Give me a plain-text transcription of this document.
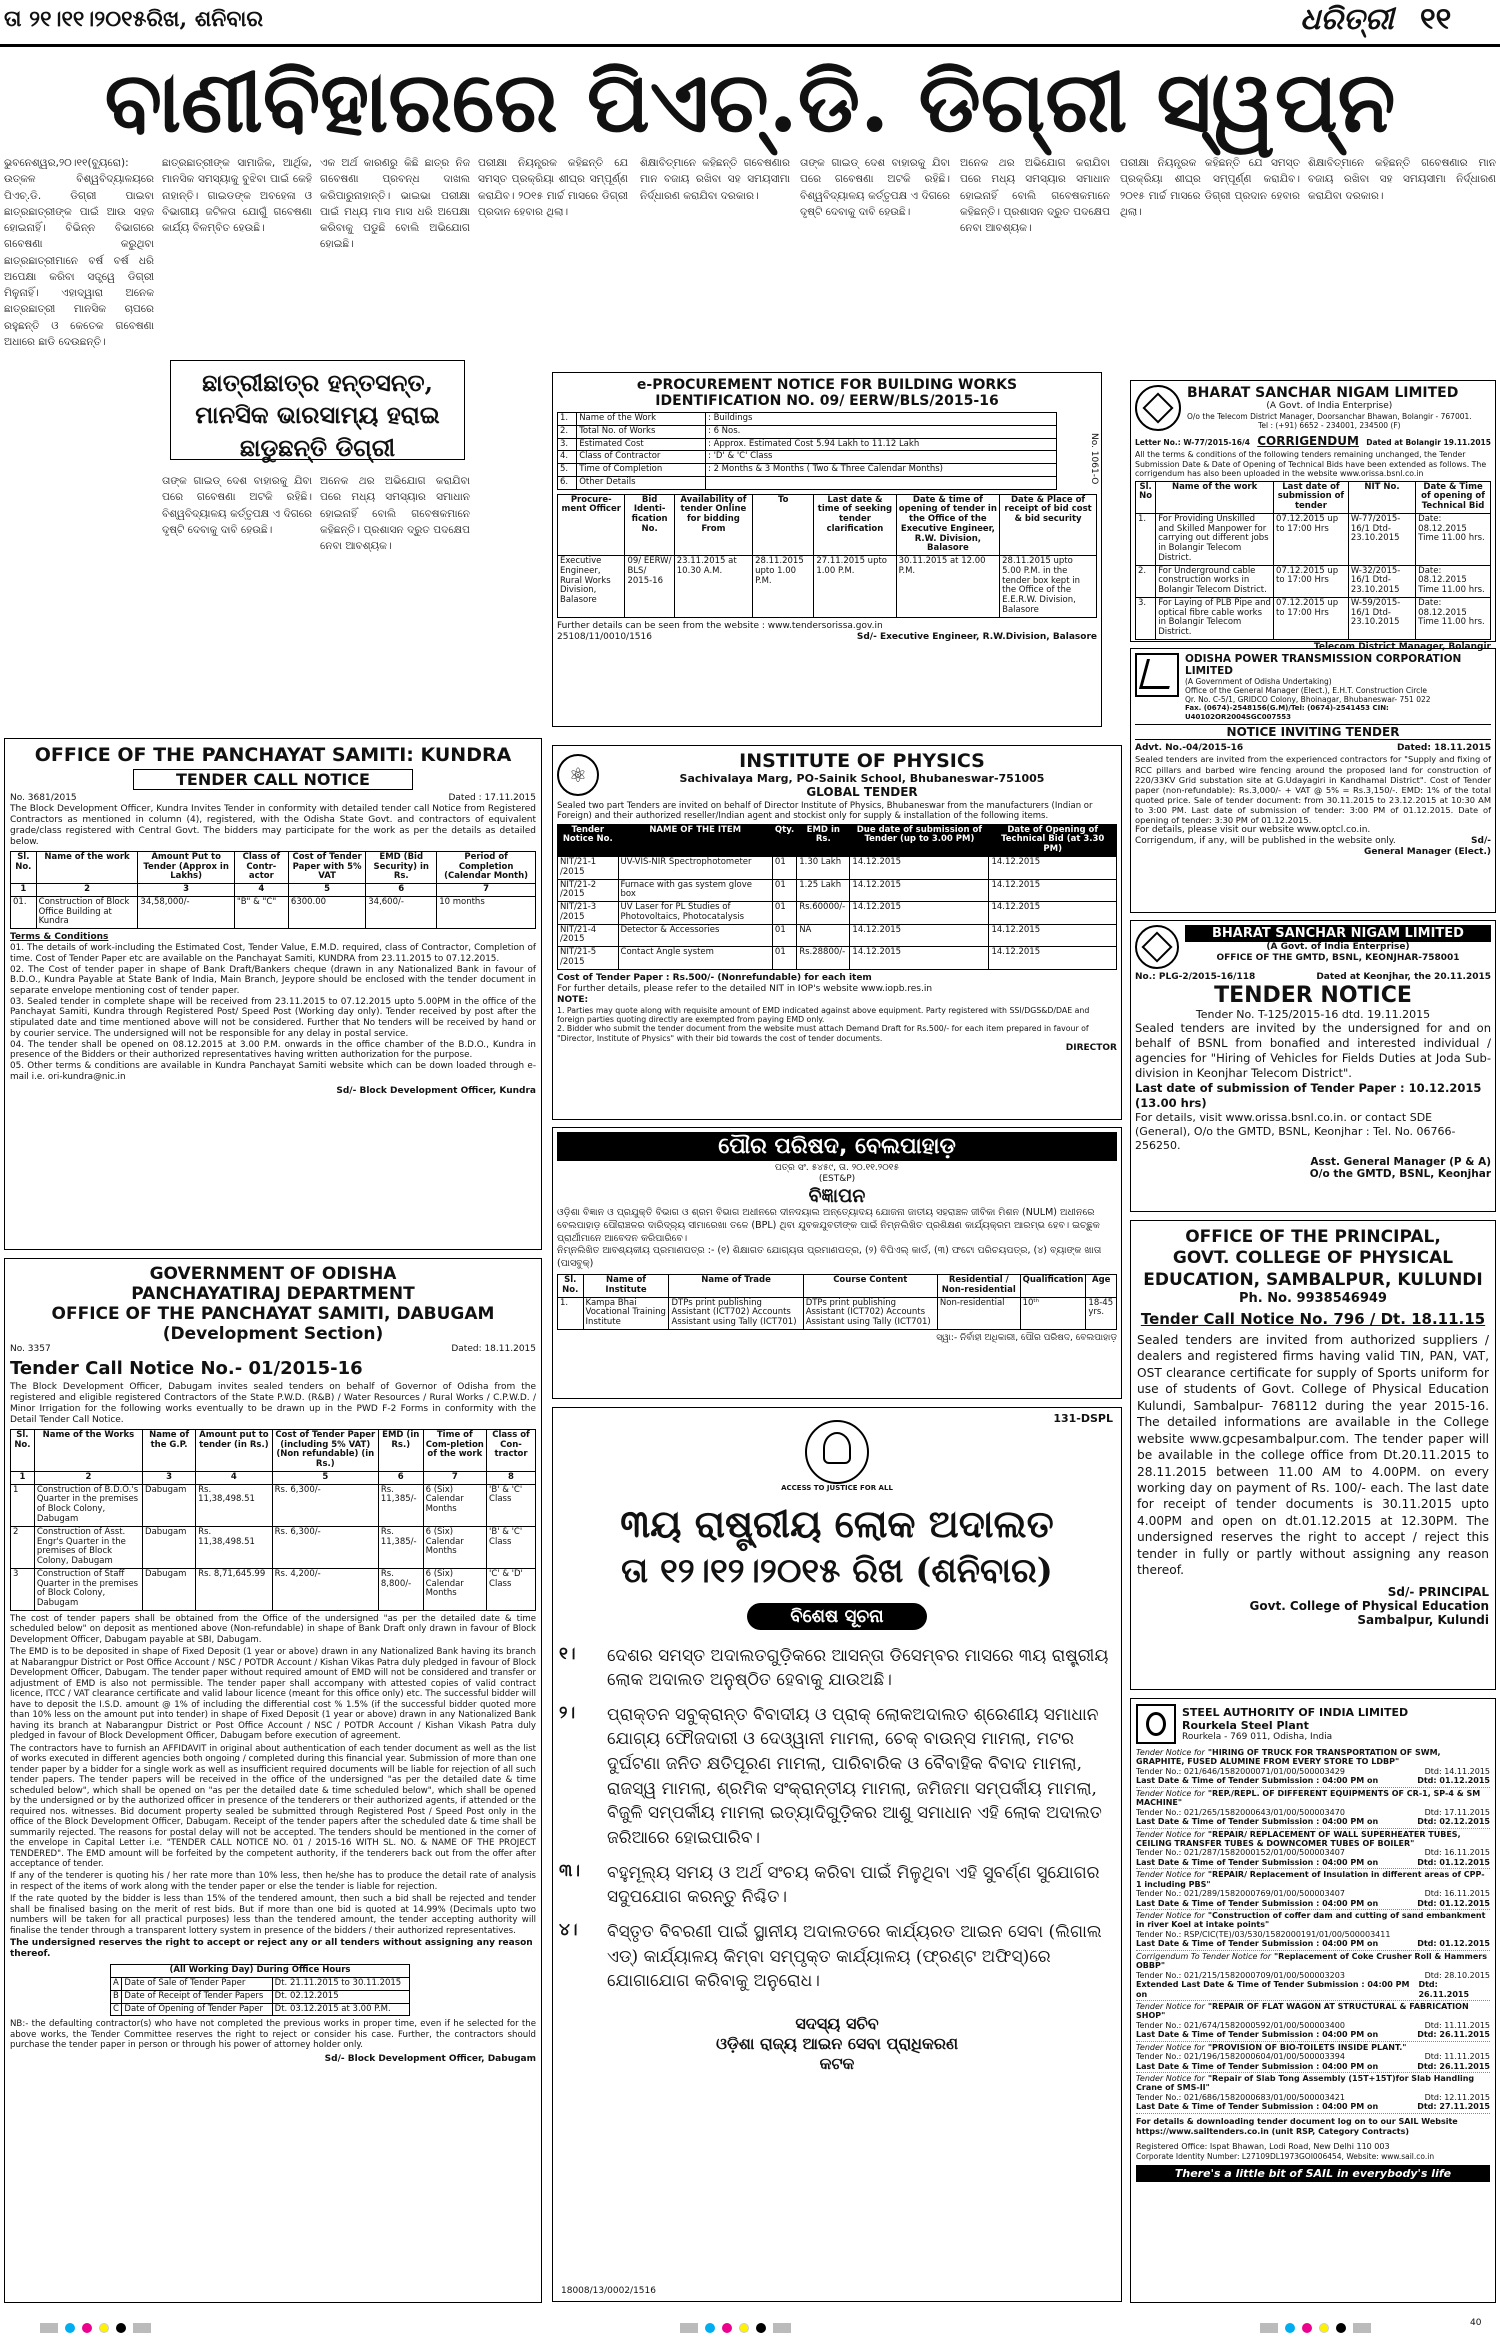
ତା ୨୧।୧୧।୨୦୧୫ରିଖ, ଶନିବାର	ଧରିତ୍ରୀ ୧୧
ବାଣୀବିହାରରେ ପିଏଚ୍.ଡି. ଡିଗ୍ରୀ ସ୍ୱପ୍ନ
ଭୁବନେଶ୍ୱର,୨୦।୧୧(ବ୍ୟୁରୋ): ଉତ୍କଳ ବିଶ୍ୱବିଦ୍ୟାଳୟରେ ପିଏଚ୍.ଡି. ଡିଗ୍ରୀ ପାଇବା ଛାତ୍ରଛାତ୍ରୀଙ୍କ ପାଇଁ ଆଉ ସହଜ ହୋଇନାହିଁ। ବିଭିନ୍ନ ବିଭାଗରେ ଗବେଷଣା କରୁଥିବା ଛାତ୍ରଛାତ୍ରୀମାନେ ବର୍ଷ ବର୍ଷ ଧରି ଅପେକ୍ଷା କରିବା ସତ୍ତ୍ୱେ ଡିଗ୍ରୀ ମିଳୁନାହିଁ। ଏହାଦ୍ୱାରା ଅନେକ ଛାତ୍ରଛାତ୍ରୀ ମାନସିକ ଚାପରେ ରହୁଛନ୍ତି ଓ କେତେକ ଗବେଷଣା ଅଧାରେ ଛାଡି ଦେଉଛନ୍ତି।
ଛାତ୍ରଛାତ୍ରୀଙ୍କ ସାମାଜିକ, ଆର୍ଥିକ, ମାନସିକ ସମସ୍ୟାକୁ ବୁଝିବା ପାଇଁ କେହି ନାହାନ୍ତି। ଗାଇଡଙ୍କ ଅବହେଳା ଓ ବିଭାଗୀୟ ଜଟିଳତା ଯୋଗୁଁ ଗବେଷଣା କାର୍ଯ୍ୟ ବିଳମ୍ବିତ ହେଉଛି।
ଏକ ଅର୍ଥ କାରଣରୁ କିଛି ଛାତ୍ର ନିଜ ଗବେଷଣା ପ୍ରବନ୍ଧ ଦାଖଲ କରିପାରୁନାହାନ୍ତି। ଭାଇଭା ପରୀକ୍ଷା ପାଇଁ ମଧ୍ୟ ମାସ ମାସ ଧରି ଅପେକ୍ଷା କରିବାକୁ ପଡୁଛି ବୋଲି ଅଭିଯୋଗ ହୋଇଛି।
ଛାତ୍ରୀଛାତ୍ର ହନ୍ତସନ୍ତ, ମାନସିକ ଭାରସାମ୍ୟ ହରାଇ ଛାଡୁଛନ୍ତି ଡିଗ୍ରୀ
ତାଙ୍କ ଗାଇଡ୍ ଦେଶ ବାହାରକୁ ଯିବା ପରେ ଗବେଷଣା ଅଟକି ରହିଛି। ବିଶ୍ୱବିଦ୍ୟାଳୟ କର୍ତ୍ତୃପକ୍ଷ ଏ ଦିଗରେ ଦୃଷ୍ଟି ଦେବାକୁ ଦାବି ହେଉଛି।
ଅନେକ ଥର ଅଭିଯୋଗ କରାଯିବା ପରେ ମଧ୍ୟ ସମସ୍ୟାର ସମାଧାନ ହୋଇନାହିଁ ବୋଲି ଗବେଷକମାନେ କହିଛନ୍ତି। ପ୍ରଶାସନ ଦ୍ରୁତ ପଦକ୍ଷେପ ନେବା ଆବଶ୍ୟକ।
ପରୀକ୍ଷା ନିୟନ୍ତ୍ରକ କହିଛନ୍ତି ଯେ ସମସ୍ତ ପ୍ରକ୍ରିୟା ଶୀଘ୍ର ସମ୍ପୂର୍ଣ୍ଣ କରାଯିବ। ୨୦୧୫ ମାର୍ଚ୍ଚ ମାସରେ ଡିଗ୍ରୀ ପ୍ରଦାନ ହେବାର ଥିଲା।
ଶିକ୍ଷାବିତ୍‌ମାନେ କହିଛନ୍ତି ଗବେଷଣାର ମାନ ବଜାୟ ରଖିବା ସହ ସମୟସୀମା ନିର୍ଦ୍ଧାରଣ କରାଯିବା ଦରକାର।
ତାଙ୍କ ଗାଇଡ୍ ଦେଶ ବାହାରକୁ ଯିବା ପରେ ଗବେଷଣା ଅଟକି ରହିଛି। ବିଶ୍ୱବିଦ୍ୟାଳୟ କର୍ତ୍ତୃପକ୍ଷ ଏ ଦିଗରେ ଦୃଷ୍ଟି ଦେବାକୁ ଦାବି ହେଉଛି।
ଅନେକ ଥର ଅଭିଯୋଗ କରାଯିବା ପରେ ମଧ୍ୟ ସମସ୍ୟାର ସମାଧାନ ହୋଇନାହିଁ ବୋଲି ଗବେଷକମାନେ କହିଛନ୍ତି। ପ୍ରଶାସନ ଦ୍ରୁତ ପଦକ୍ଷେପ ନେବା ଆବଶ୍ୟକ।
ପରୀକ୍ଷା ନିୟନ୍ତ୍ରକ କହିଛନ୍ତି ଯେ ସମସ୍ତ ପ୍ରକ୍ରିୟା ଶୀଘ୍ର ସମ୍ପୂର୍ଣ୍ଣ କରାଯିବ। ୨୦୧୫ ମାର୍ଚ୍ଚ ମାସରେ ଡିଗ୍ରୀ ପ୍ରଦାନ ହେବାର ଥିଲା।
ଶିକ୍ଷାବିତ୍‌ମାନେ କହିଛନ୍ତି ଗବେଷଣାର ମାନ ବଜାୟ ରଖିବା ସହ ସମୟସୀମା ନିର୍ଦ୍ଧାରଣ କରାଯିବା ଦରକାର।
e-PROCUREMENT NOTICE FOR BUILDING WORKS
IDENTIFICATION NO. 09/ EERW/BLS/2015-16
No. 1061-O
1.	Name of the Work	: Buildings
2.	Total No. of Works	: 6 Nos.
3.	Estimated Cost	: Approx. Estimated Cost 5.94 Lakh to 11.12 Lakh
4.	Class of Contractor	: 'D' & 'C' Class
5.	Time of Completion	: 2 Months & 3 Months ( Two & Three Calendar Months)
6.	Other Details	
Procure-ment Officer	Bid Identi-fication No.	Availability of tender Online for bidding From	To	Last date & time of seeking tender clarification	Date & time of opening of tender in the Office of the Executive Engineer, R.W. Division, Balasore	Date & Place of receipt of bid cost & bid security
Executive Engineer, Rural Works Division, Balasore	09/ EERW/ BLS/ 2015-16	23.11.2015 at 10.30 A.M.	28.11.2015 upto 1.00 P.M.	27.11.2015 upto 1.00 P.M.	30.11.2015 at 12.00 P.M.	28.11.2015 upto 5.00 P.M. in the tender box kept in the Office of the E.E.R.W. Division, Balasore
Further details can be seen from the website : www.tendersorissa.gov.in
25108/11/0010/1516	Sd/- Executive Engineer, R.W.Division, Balasore
BHARAT SANCHAR NIGAM LIMITED
(A Govt. of India Enterprise)
O/o the Telecom District Manager, Doorsanchar Bhawan, Bolangir - 767001.
Tel : (+91) 6652 - 234001, 234500 (F)
Letter No.: W-77/2015-16/4 CORRIGENDUM Dated at Bolangir 19.11.2015
All the terms & conditions of the following tenders remaining unchanged, the Tender Submission Date & Date of Opening of Technical Bids have been extended as follows. The corrigendum has also been uploaded in the website www.orissa.bsnl.co.in
Sl. No	Name of the work	Last date of submission of tender	NIT No.	Date & Time of opening of Technical Bid
1.	For Providing Unskilled and Skilled Manpower for carrying out different jobs in Bolangir Telecom District.	07.12.2015 up to 17:00 Hrs	W-77/2015-16/1 Dtd- 23.10.2015	Date: 08.12.2015 Time 11.00 hrs.
2.	For Underground cable construction works in Bolangir Telecom District.	07.12.2015 up to 17:00 Hrs	W-32/2015-16/1 Dtd- 23.10.2015	Date: 08.12.2015 Time 11.00 hrs.
3.	For Laying of PLB Pipe and optical fibre cable works in Bolangir Telecom District.	07.12.2015 up to 17:00 Hrs	W-59/2015-16/1 Dtd- 23.10.2015	Date: 08.12.2015 Time 11.00 hrs.
Telecom District Manager, Bolangir
ODISHA POWER TRANSMISSION CORPORATION LIMITED
(A Government of Odisha Undertaking)
Office of the General Manager (Elect.), E.H.T. Construction Circle
Qr. No. C-5/1, GRIDCO Colony, Bhoinagar, Bhubaneswar- 751 022
Fax. (0674)-2548156(G.M)/Tel: (0674)-2541453 CIN: U40102OR2004SGC007553
NOTICE INVITING TENDER
Advt. No.-04/2015-16	Dated: 18.11.2015
Sealed tenders are invited from the experienced contractors for "Supply and fixing of RCC pillars and barbed wire fencing around the proposed land for construction of 220/33KV Grid substation site at G.Udayagiri in Kandhamal District". Cost of Tender paper (non-refundable): Rs.3,000/- + VAT @ 5% = Rs.3,150/-. EMD: 1% of the total quoted price. Sale of tender document: from 30.11.2015 to 23.12.2015 at 10:30 AM to 3:00 PM. Last date of submission of tender: 3:00 PM of 01.12.2015. Date of opening of tender: 3:30 PM of 01.12.2015.
For details, please visit our website www.optcl.co.in.
Corrigendum, if any, will be published in the website only.	Sd/-
General Manager (Elect.)
OFFICE OF THE PANCHAYAT SAMITI: KUNDRA
TENDER CALL NOTICE
No. 3681/2015	Dated : 17.11.2015
The Block Development Officer, Kundra Invites Tender in conformity with detailed tender call Notice from Registered Contractors as mentioned in column (4), registered, with the Odisha State Govt. and contractors of equivalent grade/class registered with Central Govt. The bidders may participate for the work as per the details as detailed below.
Sl. No.	Name of the work	Amount Put to Tender (Approx in Lakhs)	Class of Contr-actor	Cost of Tender Paper with 5% VAT	EMD (Bid Security) in Rs.	Period of Completion (Calendar Month)
1	2	3	4	5	6	7
01.	Construction of Block Office Building at Kundra	34,58,000/-	"B" & "C"	6300.00	34,600/-	10 months
Terms & Conditions
01. The details of work-including the Estimated Cost, Tender Value, E.M.D. required, class of Contractor, Completion of time. Cost of Tender Paper etc are available on the Panchayat Samiti, KUNDRA from 23.11.2015 to 07.12.2015.
02. The Cost of tender paper in shape of Bank Draft/Bankers cheque (drawn in any Nationalized Bank in favour of B.D.O., Kundra Payable at State Bank of India, Main Branch, Jeypore should be enclosed with the tender document in separate envelope mentioning cost of tender paper.
03. Sealed tender in complete shape will be received from 23.11.2015 to 07.12.2015 upto 5.00PM in the office of the Panchayat Samiti, Kundra through Registered Post/ Speed Post (Working day only). Tender received by post after the stipulated date and time mentioned above will not be considered. Further that No tenders will be received by hand or by courier service. The undersigned will not be responsible for any delay in postal service.
04. The tender shall be opened on 08.12.2015 at 3.00 P.M. onwards in the office chamber of the B.D.O., Kundra in presence of the Bidders or their authorized representatives having written authorization for the purpose.
05. Other terms & conditions are available in Kundra Panchayat Samiti website which can be down loaded through e-mail i.e. ori-kundra@nic.in
Sd/- Block Development Officer, Kundra
⚛
INSTITUTE OF PHYSICS
Sachivalaya Marg, PO-Sainik School, Bhubaneswar-751005
GLOBAL TENDER
Sealed two part Tenders are invited on behalf of Director Institute of Physics, Bhubaneswar from the manufacturers (Indian or Foreign) and their authorized reseller/Indian agent and stockist only for supply & installation of the following items.
Tender Notice No.	NAME OF THE ITEM	Qty.	EMD in Rs.	Due date of submission of Tender (up to 3.00 PM)	Date of Opening of Technical Bid (at 3.30 PM)
NIT/21-1 /2015	UV-VIS-NIR Spectrophotometer	01	1.30 Lakh	14.12.2015	14.12.2015
NIT/21-2 /2015	Furnace with gas system glove box	01	1.25 Lakh	14.12.2015	14.12.2015
NIT/21-3 /2015	UV Laser for PL Studies of Photovoltaics, Photocatalysis	01	Rs.60000/-	14.12.2015	14.12.2015
NIT/21-4 /2015	Detector & Accessories	01	NA	14.12.2015	14.12.2015
NIT/21-5 /2015	Contact Angle system	01	Rs.28800/-	14.12.2015	14.12.2015
Cost of Tender Paper : Rs.500/- (Nonrefundable) for each item
For further details, please refer to the detailed NIT in IOP's website www.iopb.res.in
NOTE:
1. Parties may quote along with requisite amount of EMD indicated against above equipment. Party registered with SSI/DGS&D/DAE and foreign parties quoting directly are exempted from paying EMD only.
2. Bidder who submit the tender document from the website must attach Demand Draft for Rs.500/- for each item prepared in favour of "Director, Institute of Physics" with their bid towards the cost of tender documents.
DIRECTOR
BHARAT SANCHAR NIGAM LIMITED
(A Govt. of India Enterprise)
OFFICE OF THE GMTD, BSNL, KEONJHAR-758001
No.: PLG-2/2015-16/118	Dated at Keonjhar, the 20.11.2015
TENDER NOTICE
Tender No. T-125/2015-16 dtd. 19.11.2015
Sealed tenders are invited by the undersigned for and on behalf of BSNL from bonafied and interested individual / agencies for "Hiring of Vehicles for Fields Duties at Joda Sub-division in Keonjhar Telecom District".
Last date of submission of Tender Paper : 10.12.2015 (13.00 hrs)
For details, visit www.orissa.bsnl.co.in. or contact SDE (General), O/o the GMTD, BSNL, Keonjhar : Tel. No. 06766-256250.
Asst. General Manager (P & A)
O/o the GMTD, BSNL, Keonjhar
ପୌର ପରିଷଦ, ବେଲପାହାଡ଼
ପତ୍ର ସଂ. ୫୪୫୯, ତା. ୨୦.୧୧.୨୦୧୫
(EST&P)
ବିଜ୍ଞାପନ
ଓଡ଼ିଶା ବିଜ୍ଞାନ ଓ ପ୍ରଯୁକ୍ତି ବିଭାଗ ଓ ଶ୍ରମ ବିଭାଗ ଅଧୀନରେ ଦୀନଦୟାଲ ଅନ୍ତ୍ୟୋଦୟ ଯୋଜନା ଜାତୀୟ ସହରାଞ୍ଚଳ ଜୀବିକା ମିଶନ (NULM) ଅଧୀନରେ ବେଲପାହାଡ଼ ପୌରାଞ୍ଚଳର ଦାରିଦ୍ର୍ୟ ସୀମାରେଖା ତଳେ (BPL) ଥିବା ଯୁବକଯୁବତୀଙ୍କ ପାଇଁ ନିମ୍ନଲିଖିତ ପ୍ରଶିକ୍ଷଣ କାର୍ଯ୍ୟକ୍ରମ ଆରମ୍ଭ ହେବ। ଇଚ୍ଛୁକ ପ୍ରାର୍ଥୀମାନେ ଆବେଦନ କରିପାରିବେ।
ନିମ୍ନଲିଖିତ ଆବଶ୍ୟକୀୟ ପ୍ରମାଣପତ୍ର :- (୧) ଶିକ୍ଷାଗତ ଯୋଗ୍ୟତା ପ୍ରମାଣପତ୍ର, (୨) ବିପିଏଲ୍ କାର୍ଡ, (୩) ଫଟୋ ପରିଚୟପତ୍ର, (୪) ବ୍ୟାଙ୍କ ଖାତା (ପାସବୁକ୍)
Sl. No.	Name of Institute	Name of Trade	Course Content	Residential / Non-residential	Qualification	Age
1.	Kampa Bhai Vocational Training Institute	DTPs print publishing Assistant (ICT702) Accounts Assistant using Tally (ICT701)	DTPs print publishing Assistant (ICT702) Accounts Assistant using Tally (ICT701)	Non-residential	10ᵗʰ	18-45 yrs.
ସ୍ୱା:- ନିର୍ବାହୀ ଅଧିକାରୀ, ପୌର ପରିଷଦ, ବେଲପାହାଡ଼
OFFICE OF THE PRINCIPAL,
GOVT. COLLEGE OF PHYSICAL
EDUCATION, SAMBALPUR, KULUNDI
Ph. No. 9938546949
Tender Call Notice No. 796 / Dt. 18.11.15
Sealed tenders are invited from authorized suppliers / dealers and registered firms having valid TIN, PAN, VAT, OST clearance certificate for supply of Sports uniform for use of students of Govt. College of Physical Education Kulundi, Sambalpur- 768112 during the year 2015-16. The detailed informations are available in the College website www.gcpesambalpur.com. The tender paper will be available in the college office from Dt.20.11.2015 to 28.11.2015 between 11.00 AM to 4.00PM. on every working day on payment of Rs. 100/- each. The last date for receipt of tender documents is 30.11.2015 upto 4.00PM and open on dt.01.12.2015 at 12.30PM. The undersigned reserves the right to accept / reject this tender in fully or partly without assigning any reason thereof.
Sd/- PRINCIPAL
Govt. College of Physical Education
Sambalpur, Kulundi
GOVERNMENT OF ODISHA
PANCHAYATIRAJ DEPARTMENT
OFFICE OF THE PANCHAYAT SAMITI, DABUGAM
(Development Section)
No. 3357	Dated: 18.11.2015
Tender Call Notice No.- 01/2015-16
The Block Development Officer, Dabugam invites sealed tenders on behalf of Governor of Odisha from the registered and eligible registered Contractors of the State P.W.D. (R&B) / Water Resources / Rural Works / C.P.W.D. / Minor Irrigation for the following works eventually to be drawn up in the PWD F-2 Forms in conformity with the Detail Tender Call Notice.
Sl. No.	Name of the Works	Name of the G.P.	Amount put to tender (in Rs.)	Cost of Tender Paper (including 5% VAT) (Non refundable) (in Rs.)	EMD (in Rs.)	Time of Com-pletion of the work	Class of Con-tractor
1	2	3	4	5	6	7	8
1	Construction of B.D.O.'s Quarter in the premises of Block Colony, Dabugam	Dabugam	Rs. 11,38,498.51	Rs. 6,300/-	Rs. 11,385/-	6 (Six) Calendar Months	'B' & 'C' Class
2	Construction of Asst. Engr's Quarter in the premises of Block Colony, Dabugam	Dabugam	Rs. 11,38,498.51	Rs. 6,300/-	Rs. 11,385/-	6 (Six) Calendar Months	'B' & 'C' Class
3	Construction of Staff Quarter in the premises of Block Colony, Dabugam	Dabugam	Rs. 8,71,645.99	Rs. 4,200/-	Rs. 8,800/-	6 (Six) Calendar Months	'C' & 'D' Class
The cost of tender papers shall be obtained from the Office of the undersigned "as per the detailed date & time scheduled below" on deposit as mentioned above (Non-refundable) in shape of Bank Draft only drawn in favour of Block Development Officer, Dabugam payable at SBI, Dabugam.
The EMD is to be deposited in shape of Fixed Deposit (1 year or above) drawn in any Nationalized Bank having its branch at Nabarangpur District or Post Office Account / NSC / POTDR Account / Kishan Vikas Patra duly pledged in favour of Block Development Officer, Dabugam. The tender paper without required amount of EMD will not be considered and transfer or adjustment of EMD is also not permissible. The tender paper shall accompany with attested copies of valid contract licence, ITCC / VAT clearance certificate and valid labour licence (meant for this office only) etc. The successful bidder will have to deposit the I.S.D. amount @ 1% of including the differential cost % 1.5% (if the successful bidder quoted more than 10% less on the amount put into tender) in shape of Fixed Deposit (1 year or above) drawn in any Nationalized Bank having its branch at Nabarangpur District or Post Office Account / NSC / POTDR Account / Kishan Vikash Patra duly pledged in favour of Block Development Officer, Dabugam before execution of agreement.
The contractors have to furnish an AFFIDAVIT in original about authentication of each tender document as well as the list of works executed in different agencies both ongoing / completed during this financial year. Submission of more than one tender paper by a bidder for a single work as well as insufficient required documents will be liable for rejection of all such tender papers. The tender papers will be received in the office of the undersigned "as per the detailed date & time scheduled below", which shall be opened on "as per the detailed date & time scheduled below", which shall be opened by the undersigned or by the authorized officer in presence of the tenderers or their authorized agents, if attended or the required nos. witnesses. Bid document property sealed be submitted through Registered Post / Speed Post only in the office of the Block Development Officer, Dabugam. Receipt of the tender papers after the scheduled date & time shall be summarily rejected. The reasons for postal delay will not be accepted. The tenders should be mentioned in the corner of the envelope in Capital Letter i.e. "TENDER CALL NOTICE NO. 01 / 2015-16 WITH SL. NO. & NAME OF THE PROJECT TENDERED". The EMD amount will be forfeited by the competent authority, if the tenderers back out from the offer after acceptance of tender.
If any of the tenderer is quoting his / her rate more than 10% less, then he/she has to produce the detail rate of analysis in respect of the items of work along with the tender paper or else the tender is liable for rejection.
If the rate quoted by the bidder is less than 15% of the tendered amount, then such a bid shall be rejected and tender shall be finalised basing on the merit of rest bids. But if more than one bid is quoted at 14.99% (Decimals upto two numbers will be taken for all practical purposes) less than the tendered amount, the tender accepting authority will finalise the tender through a transparent lottery system in presence of the bidders / their authorized representatives.
The undersigned reserves the right to accept or reject any or all tenders without assigning any reason thereof.
(All Working Day) During Office Hours		
A	Date of Sale of Tender Paper	Dt. 21.11.2015 to 30.11.2015
B	Date of Receipt of Tender Papers	Dt. 02.12.2015
C	Date of Opening of Tender Paper	Dt. 03.12.2015 at 3.00 P.M.
NB:- the defaulting contractor(s) who have not completed the previous works in proper time, even if he selected for the above works, the Tender Committee reserves the right to reject or consider his case. Further, the contractors should purchase the tender paper in person or through his power of attorney holder only.
Sd/- Block Development Officer, Dabugam
131-DSPL
ACCESS TO JUSTICE FOR ALL
୩ୟ ରାଷ୍ଟ୍ରୀୟ ଲୋକ ଅଦାଲତ
ତା ୧୨।୧୨।୨୦୧୫ ରିଖ (ଶନିବାର)
ବିଶେଷ ସୂଚନା
୧।	ଦେଶର ସମସ୍ତ ଅଦାଲତଗୁଡ଼ିକରେ ଆସନ୍ତା ଡିସେମ୍ବର ମାସରେ ୩ୟ ରାଷ୍ଟ୍ରୀୟ ଲୋକ ଅଦାଲତ ଅନୁଷ୍ଠିତ ହେବାକୁ ଯାଉଅଛି।
୨।	ପ୍ରାକ୍ତନ ସବୁକ୍ରାନ୍ତ ବିବାଦୀୟ ଓ ପ୍ରାକ୍ ଲୋକଅଦାଲତ ଶ୍ରେଣୀୟ ସମାଧାନ ଯୋଗ୍ୟ ଫୌଜଦାରୀ ଓ ଦେଓ୍ୱାନୀ ମାମଲା, ଚେକ୍ ବାଉନ୍ସ ମାମଲା, ମଟର ଦୁର୍ଘଟଣା ଜନିତ କ୍ଷତିପୂରଣ ମାମଲା, ପାରିବାରିକ ଓ ବୈବାହିକ ବିବାଦ ମାମଲା, ରାଜସ୍ୱ ମାମଲା, ଶ୍ରମିକ ସଂକ୍ରାନ୍ତୀୟ ମାମଲା, ଜମିଜମା ସମ୍ପର୍କୀୟ ମାମଲା, ବିଜୁଳି ସମ୍ପର୍କୀୟ ମାମଲା ଇତ୍ୟାଦିଗୁଡ଼ିକର ଆଶୁ ସମାଧାନ ଏହି ଲୋକ ଅଦାଲତ ଜରିଆରେ ହୋଇପାରିବ।
୩।	ବହୁମୂଲ୍ୟ ସମୟ ଓ ଅର୍ଥ ସଂଚୟ କରିବା ପାଇଁ ମିଳୁଥିବା ଏହି ସୁବର୍ଣ୍ଣ ସୁଯୋଗର ସଦୁପଯୋଗ କରନ୍ତୁ ନିଶ୍ଚିତ।
୪।	ବିସ୍ତୃତ ବିବରଣୀ ପାଇଁ ସ୍ଥାନୀୟ ଅଦାଲତରେ କାର୍ଯ୍ୟରତ ଆଇନ ସେବା (ଲିଗାଲ ଏଡ୍) କାର୍ଯ୍ୟାଳୟ କିମ୍ବା ସମ୍ପୃକ୍ତ କାର୍ଯ୍ୟାଳୟ (ଫ୍ରଣ୍ଟ ଅଫିସ୍)ରେ ଯୋଗାଯୋଗ କରିବାକୁ ଅନୁରୋଧ।
ସଦସ୍ୟ ସଚିବ
ଓଡ଼ିଶା ରାଜ୍ୟ ଆଇନ ସେବା ପ୍ରାଧିକରଣ
କଟକ
18008/13/0002/1516
STEEL AUTHORITY OF INDIA LIMITED
Rourkela Steel Plant
Rourkela - 769 011, Odisha, India
Tender Notice for "HIRING OF TRUCK FOR TRANSPORTATION OF SWM, GRAPHITE, FUSED ALUMINE FROM EVERY STORE TO LDBP"
Tender No.: 021/646/1582000071/01/00/500003429	Dtd: 14.11.2015
Last Date & Time of Tender Submission : 04:00 PM on	Dtd: 01.12.2015
Tender Notice for "REP./REPL. OF DIFFERENT EQUIPMENTS OF CR-1, SP-4 & SM MACHINE"
Tender No.: 021/265/1582000643/01/00/500003470	Dtd: 17.11.2015
Last Date & Time of Tender Submission : 04:00 PM on	Dtd: 02.12.2015
Tender Notice for "REPAIR/ REPLACEMENT OF WALL SUPERHEATER TUBES, CEILING TRANSFER TUBES & DOWNCOMER TUBES OF BOILER"
Tender No.: 021/287/1582000152/01/00/500003407	Dtd: 16.11.2015
Last Date & Time of Tender Submission : 04:00 PM on	Dtd: 01.12.2015
Tender Notice for "REPAIR/ Replacement of Insulation in different areas of CPP-1 including PBS"
Tender No.: 021/289/1582000769/01/00/500003407	Dtd: 16.11.2015
Last Date & Time of Tender Submission : 04:00 PM on	Dtd: 01.12.2015
Tender Notice for "Construction of coffer dam and cutting of sand embankment in river Koel at intake points"
Tender No.: RSP/CIC(TE)/03/530/1582000191/01/00/500003411
Last Date & Time of Tender Submission : 04:00 PM on	Dtd: 01.12.2015
Corrigendum To Tender Notice for "Replacement of Coke Crusher Roll & Hammers OBBP"
Tender No.: 021/215/1582000709/01/00/500003203	Dtd: 28.10.2015
Extended Last Date & Time of Tender Submission : 04:00 PM on
Dtd: 26.11.2015
Tender Notice for "REPAIR OF FLAT WAGON AT STRUCTURAL & FABRICATION SHOP"
Tender No.: 021/674/1582000592/01/00/500003400	Dtd: 11.11.2015
Last Date & Time of Tender Submission : 04:00 PM on	Dtd: 26.11.2015
Tender Notice for "PROVISION OF BIO-TOILETS INSIDE PLANT."
Tender No.: 021/196/1582000604/01/00/500003394	Dtd: 11.11.2015
Last Date & Time of Tender Submission : 04:00 PM on	Dtd: 26.11.2015
Tender Notice for "Repair of Slab Tong Assembly (15T+15T)for Slab Handling Crane of SMS-II"
Tender No.: 021/686/1582000683/01/00/500003421	Dtd: 12.11.2015
Last Date & Time of Tender Submission : 04:00 PM on	Dtd: 27.11.2015
For details & downloading tender document log on to our SAIL Website https://www.sailtenders.co.in (unit RSP, Category Contracts)
Registered Office: Ispat Bhawan, Lodi Road, New Delhi 110 003
Corporate Identity Number: L27109DL1973GOI006454, Website: www.sail.co.in
There's a little bit of SAIL in everybody's life

40
